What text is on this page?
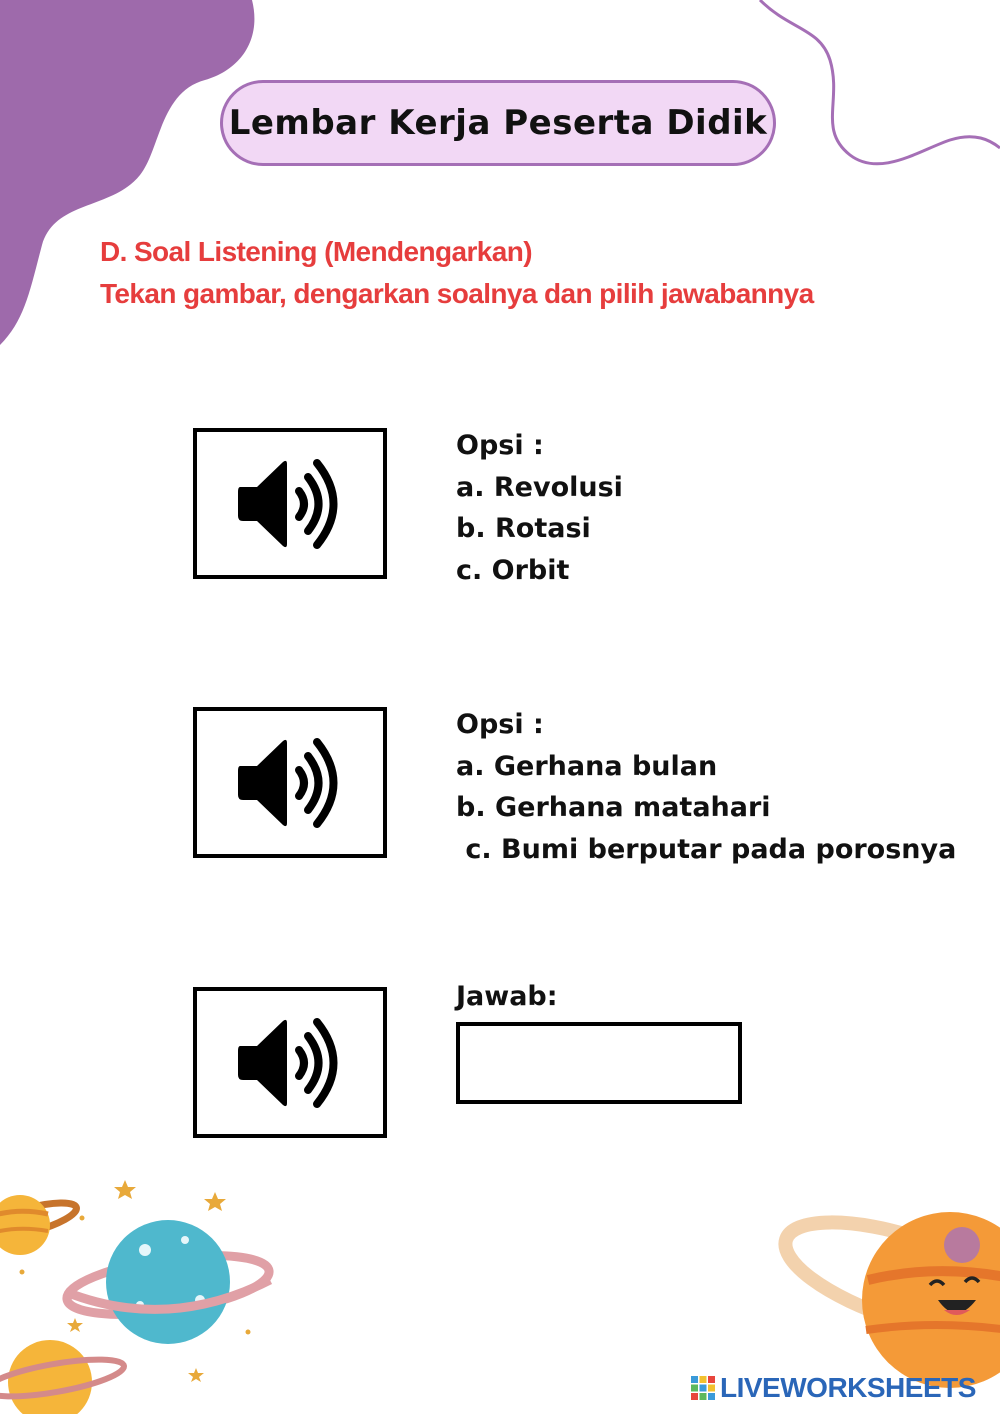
Lembar Kerja Peserta Didik
D. Soal Listening (Mendengarkan)
Tekan gambar, dengarkan soalnya dan pilih jawabannya
Opsi :
a. Revolusi
b. Rotasi
c. Orbit
Opsi :
a. Gerhana bulan
b. Gerhana matahari
c. Bumi berputar pada porosnya
Jawab:
LIVEWORKSHEETS
